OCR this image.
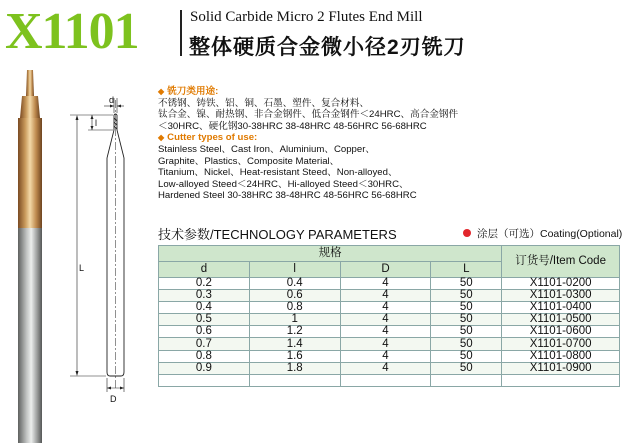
X1101	Solid Carbide Micro 2 Flutes End Mill
整体硬质合金微小径2刃铣刀
d
l
L
D
◆ 铣刀类用途:
不锈钢、铸铁、铝、铜、石墨、塑件、复合材料、
钛合金、镍、耐热钢、非合金钢件、低合金钢件＜24HRC、高合金钢件
＜30HRC、硬化钢30-38HRC 38-48HRC 48-56HRC 56-68HRC
◆ Cutter types of use:
Stainless Steel、Cast Iron、Aluminium、Copper、
Graphite、Plastics、Composite Material、
Titanium、Nickel、Heat-resistant Steed、Non-alloyed、
Low-alloyed Steed＜24HRC、Hi-alloyed Steed＜30HRC、
Hardened Steel 30-38HRC 38-48HRC 48-56HRC 56-68HRC
技术参数/TECHNOLOGY PARAMETERS	涂层（可选）Coating(Optional)
规格				订货号/Item Code
d	l	D	L	
0.2	0.4	4	50	X1101-0200
0.3	0.6	4	50	X1101-0300
0.4	0.8	4	50	X1101-0400
0.5	1	4	50	X1101-0500
0.6	1.2	4	50	X1101-0600
0.7	1.4	4	50	X1101-0700
0.8	1.6	4	50	X1101-0800
0.9	1.8	4	50	X1101-0900
